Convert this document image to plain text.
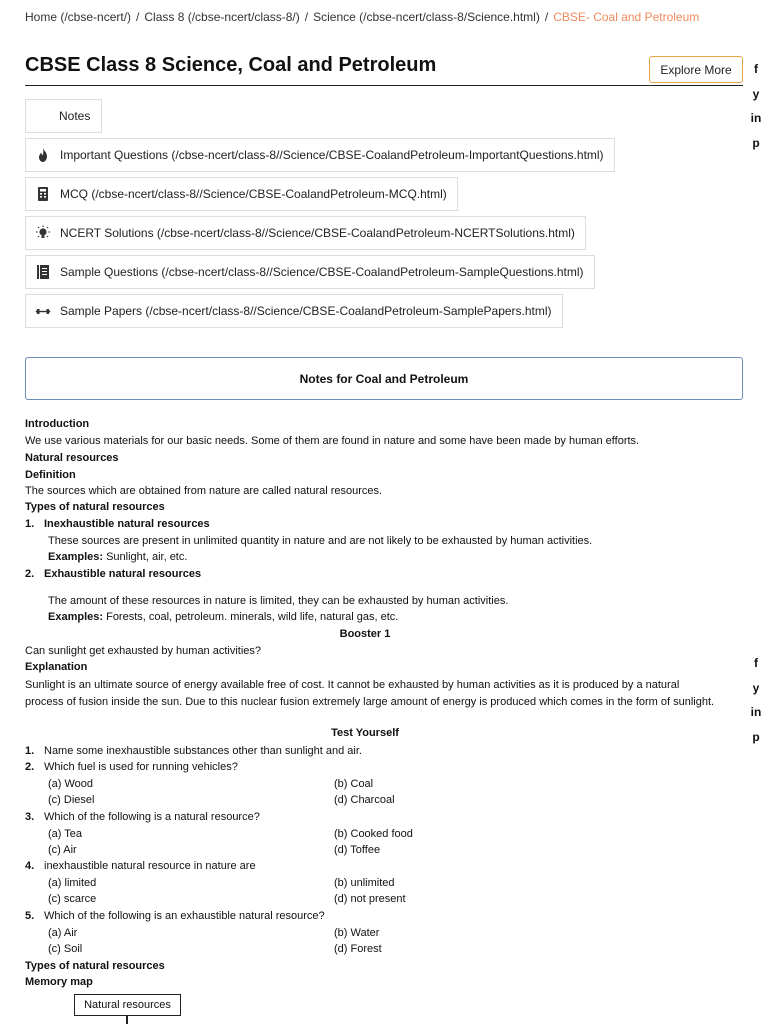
Home (/cbse-ncert/) / Class 8 (/cbse-ncert/class-8/) / Science (/cbse-ncert/class-8/Science.html) / CBSE- Coal and Petroleum
CBSE Class 8 Science, Coal and Petroleum	Explore More	f
y
in
p
f
y
in
p
Notes
Important Questions (/cbse-ncert/class-8//Science/CBSE-CoalandPetroleum-ImportantQuestions.html)
MCQ (/cbse-ncert/class-8//Science/CBSE-CoalandPetroleum-MCQ.html)
NCERT Solutions (/cbse-ncert/class-8//Science/CBSE-CoalandPetroleum-NCERTSolutions.html)
Sample Questions (/cbse-ncert/class-8//Science/CBSE-CoalandPetroleum-SampleQuestions.html)
Sample Papers (/cbse-ncert/class-8//Science/CBSE-CoalandPetroleum-SamplePapers.html)
Notes for Coal and Petroleum
Introduction
We use various materials for our basic needs. Some of them are found in nature and some have been made by human efforts.
Natural resources
Definition
The sources which are obtained from nature are called natural resources.
Types of natural resources
1. Inexhaustible natural resources
These sources are present in unlimited quantity in nature and are not likely to be exhausted by human activities.
Examples: Sunlight, air, etc.
2. Exhaustible natural resources
The amount of these resources in nature is limited, they can be exhausted by human activities.
Examples: Forests, coal, petroleum. minerals, wild life, natural gas, etc.
Booster 1
Can sunlight get exhausted by human activities?
Explanation
Sunlight is an ultimate source of energy available free of cost. It cannot be exhausted by human activities as it is produced by a natural process of fusion inside the sun. Due to this nuclear fusion extremely large amount of energy is produced which comes in the form of sunlight.
Test Yourself
1. Name some inexhaustible substances other than sunlight and air.
2. Which fuel is used for running vehicles?
(a) Wood	(b) Coal
(c) Diesel	(d) Charcoal
3. Which of the following is a natural resource?
(a) Tea	(b) Cooked food
(c) Air	(d) Toffee
4. inexhaustible natural resource in nature are
(a) limited	(b) unlimited
(c) scarce	(d) not present
5. Which of the following is an exhaustible natural resource?
(a) Air	(b) Water
(c) Soil	(d) Forest
Types of natural resources
Memory map
Natural resources
